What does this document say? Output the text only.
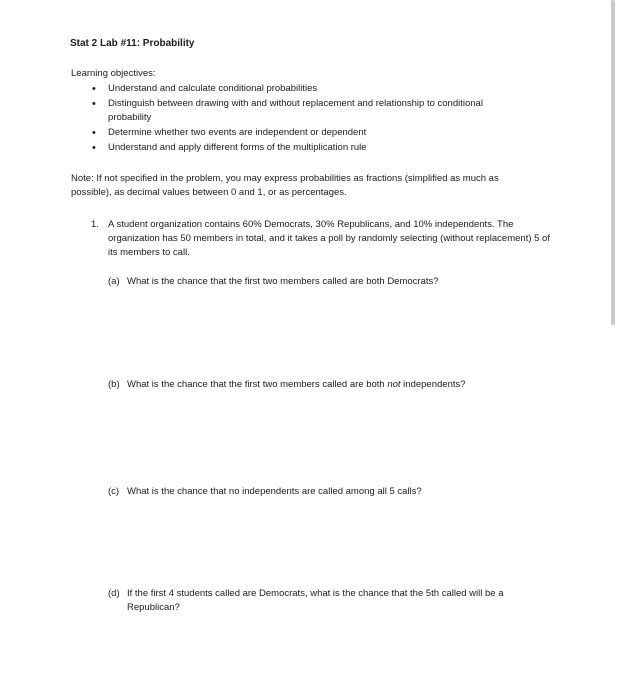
Stat 2 Lab #11: Probability
Learning objectives:
• Understand and calculate conditional probabilities
• Distinguish between drawing with and without replacement and relationship to conditional probability
• Determine whether two events are independent or dependent
• Understand and apply different forms of the multiplication rule
Note: If not specified in the problem, you may express probabilities as fractions (simplified as much as possible), as decimal values between 0 and 1, or as percentages.
1. A student organization contains 60% Democrats, 30% Republicans, and 10% independents. The organization has 50 members in total, and it takes a poll by randomly selecting (without replacement) 5 of its members to call.
(a) What is the chance that the first two members called are both Democrats?
(b) What is the chance that the first two members called are both not independents?
(c) What is the chance that no independents are called among all 5 calls?
(d) If the first 4 students called are Democrats, what is the chance that the 5th called will be a Republican?
